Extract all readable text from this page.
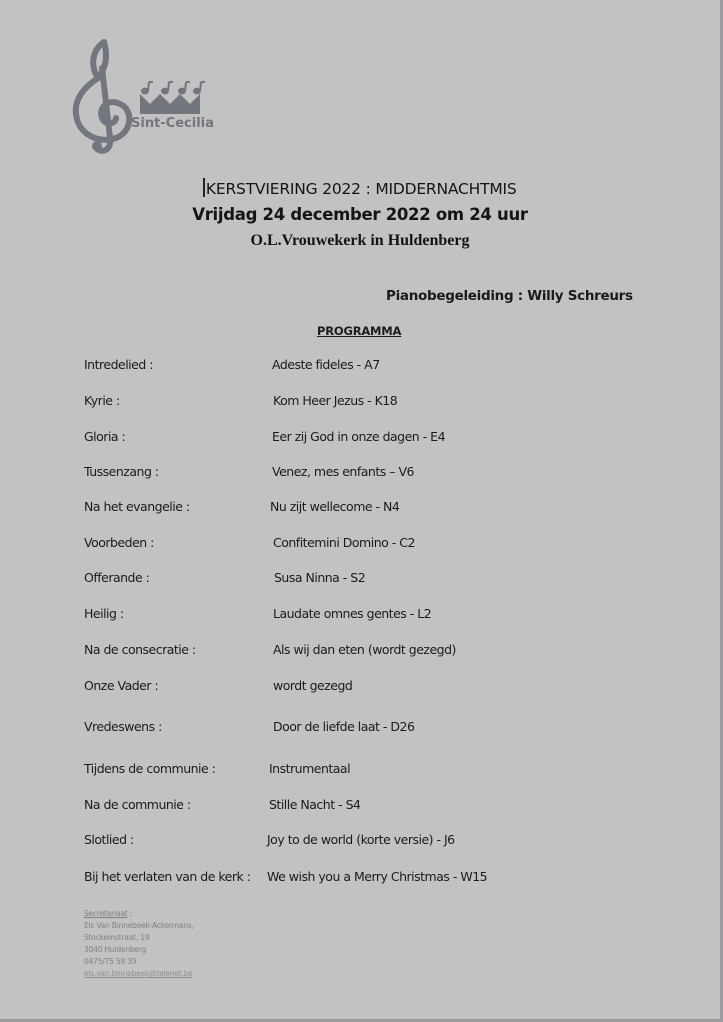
Sint-Cecilia
KERSTVIERING 2022 : MIDDERNACHTMIS
Vrijdag 24 december 2022 om 24 uur
O.L.Vrouwekerk in Huldenberg
Pianobegeleiding : Willy Schreurs
PROGRAMMA
Intredelied :	Adeste fideles - A7
Kyrie :	Kom Heer Jezus - K18
Gloria :	Eer zij God in onze dagen - E4
Tussenzang :	Venez, mes enfants – V6
Na het evangelie :	Nu zijt wellecome - N4
Voorbeden :	Confitemini Domino - C2
Offerande :	Susa Ninna - S2
Heilig :	Laudate omnes gentes - L2
Na de consecratie :	Als wij dan eten (wordt gezegd)
Onze Vader :	wordt gezegd
Vredeswens :	Door de liefde laat - D26
Tijdens de communie :	Instrumentaal
Na de communie :	Stille Nacht - S4
Slotlied :	Joy to de world (korte versie) - J6
Bij het verlaten van de kerk : We wish you a Merry Christmas - W15
Secretariaat :
Els Van Binnebeek-Ackermans,
Stockemstraat, 19
3040 Huldenberg
0475/75 58 39
els.van.binnebeek@telenet.be
